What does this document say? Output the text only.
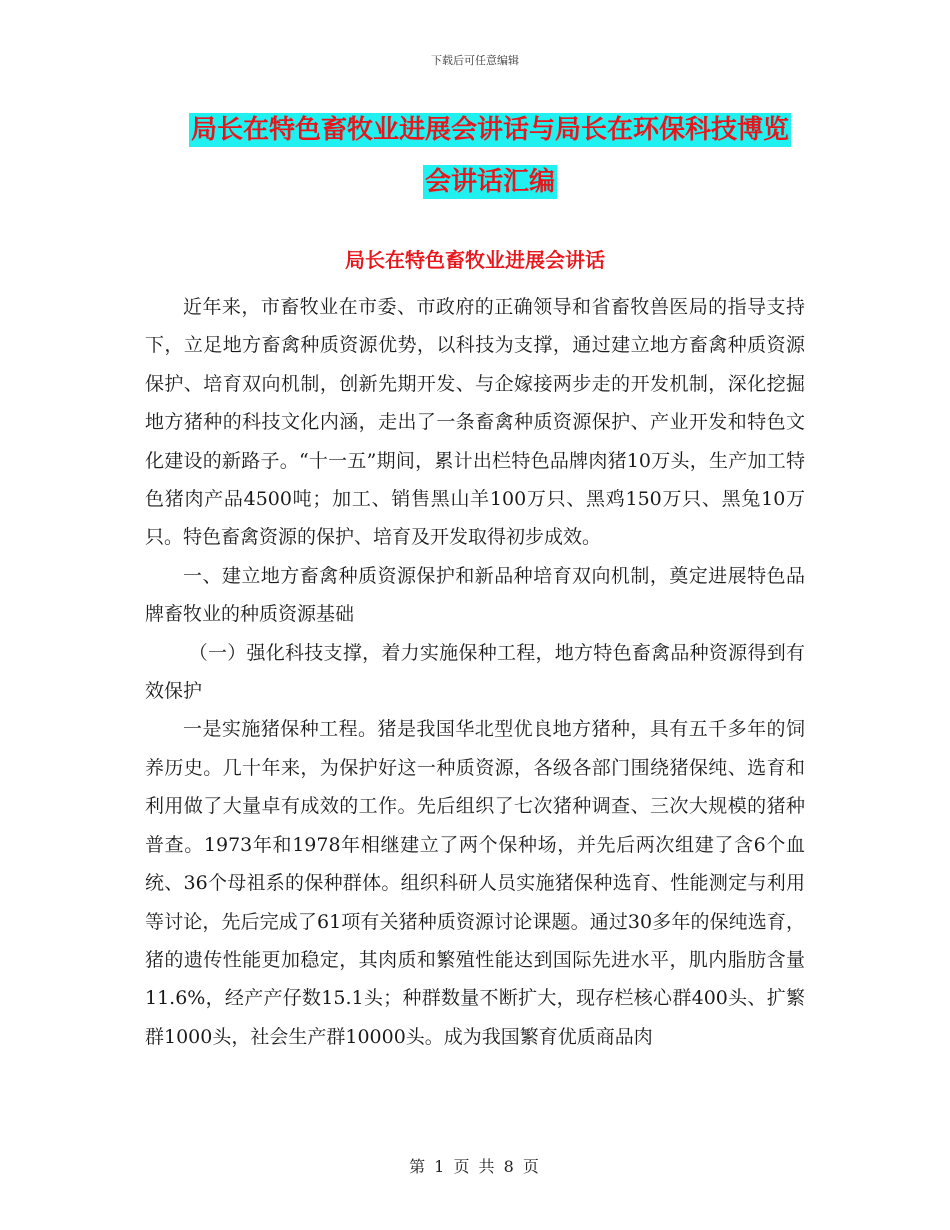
下载后可任意编辑
局长在特色畜牧业进展会讲话与局长在环保科技博览
会讲话汇编
局长在特色畜牧业进展会讲话

近年来，市畜牧业在市委、市政府的正确领导和省畜牧兽医局的指导支持下，立足地方畜禽种质资源优势，以科技为支撑，通过建立地方畜禽种质资源保护、培育双向机制，创新先期开发、与企嫁接两步走的开发机制，深化挖掘地方猪种的科技文化内涵，走出了一条畜禽种质资源保护、产业开发和特色文化建设的新路子。“十一五”期间，累计出栏特色品牌肉猪10万头，生产加工特色猪肉产品4500吨；加工、销售黑山羊100万只、黑鸡150万只、黑兔10万只。特色畜禽资源的保护、培育及开发取得初步成效。

一、建立地方畜禽种质资源保护和新品种培育双向机制，奠定进展特色品牌畜牧业的种质资源基础

（一）强化科技支撑，着力实施保种工程，地方特色畜禽品种资源得到有效保护

一是实施猪保种工程。猪是我国华北型优良地方猪种，具有五千多年的饲养历史。几十年来，为保护好这一种质资源，各级各部门围绕猪保纯、选育和利用做了大量卓有成效的工作。先后组织了七次猪种调查、三次大规模的猪种普查。1973年和1978年相继建立了两个保种场，并先后两次组建了含6个血统、36个母祖系的保种群体。组织科研人员实施猪保种选育、性能测定与利用等讨论，先后完成了61项有关猪种质资源讨论课题。通过30多年的保纯选育，猪的遗传性能更加稳定，其肉质和繁殖性能达到国际先进水平，肌内脂肪含量11.6%，经产产仔数15.1头；种群数量不断扩大，现存栏核心群400头、扩繁群1000头，社会生产群10000头。成为我国繁育优质商品肉

第 1 页 共 8 页
